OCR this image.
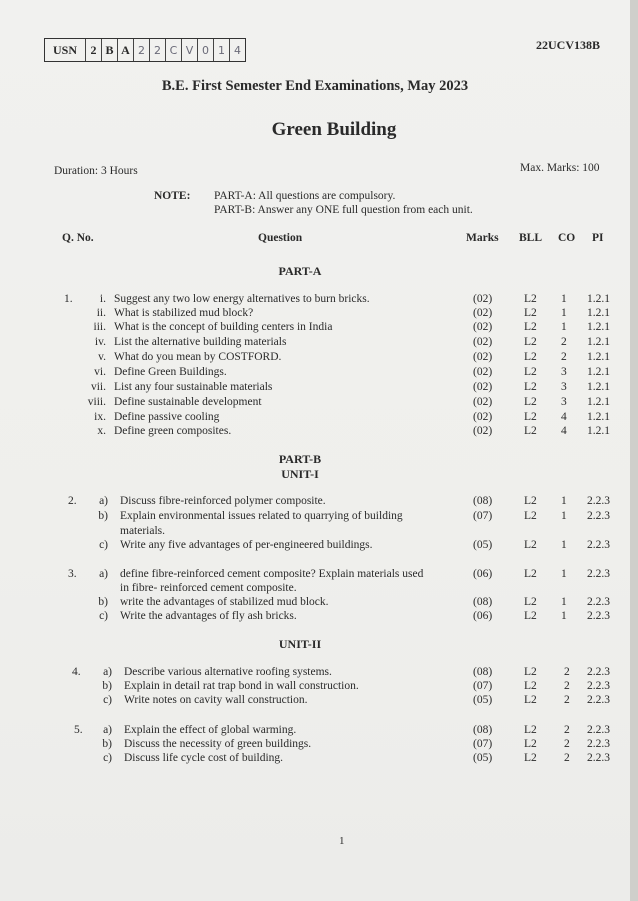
USN	2 B A 2 2 C V 0 1 4	22UCV138B
B.E. First Semester End Examinations, May 2023
Green Building
Duration: 3 Hours	Max. Marks: 100
NOTE: PART-A: All questions are compulsory.
PART-B: Answer any ONE full question from each unit.
Q. No.	Question	Marks BLL CO PI
PART-A
1.	i. Suggest any two low energy alternatives to burn bricks.	(02)	L2 1 1.2.1
ii. What is stabilized mud block?	(02)	L2 1 1.2.1
iii. What is the concept of building centers in India	(02)	L2 1 1.2.1
iv. List the alternative building materials	(02)	L2 2 1.2.1
v. What do you mean by COSTFORD.	(02)	L2 2 1.2.1
vi. Define Green Buildings.	(02)	L2 3 1.2.1
vii. List any four sustainable materials	(02)	L2 3 1.2.1
viii. Define sustainable development	(02)	L2 3 1.2.1
ix. Define passive cooling	(02)	L2 4 1.2.1
x. Define green composites.	(02)	L2 4 1.2.1
PART-B
UNIT-I
2.	a) Discuss fibre-reinforced polymer composite.	(08)	L2 1 2.2.3
b) Explain environmental issues related to quarrying of building	(07)	L2 1 2.2.3
materials.
c) Write any five advantages of per-engineered buildings.	(05)	L2 1 2.2.3
3.	a) define fibre-reinforced cement composite? Explain materials used	(06)	L2 1 2.2.3
in fibre- reinforced cement composite.
b) write the advantages of stabilized mud block.	(08)	L2 1 2.2.3
c) Write the advantages of fly ash bricks.	(06)	L2 1 2.2.3
UNIT-II
4.	a) Describe various alternative roofing systems.	(08)	L2 2 2.2.3
b) Explain in detail rat trap bond in wall construction.	(07)	L2 2 2.2.3
c) Write notes on cavity wall construction.	(05)	L2 2 2.2.3
5.	a) Explain the effect of global warming.	(08)	L2 2 2.2.3
b) Discuss the necessity of green buildings.	(07)	L2 2 2.2.3
c) Discuss life cycle cost of building.	(05)	L2 2 2.2.3
1
